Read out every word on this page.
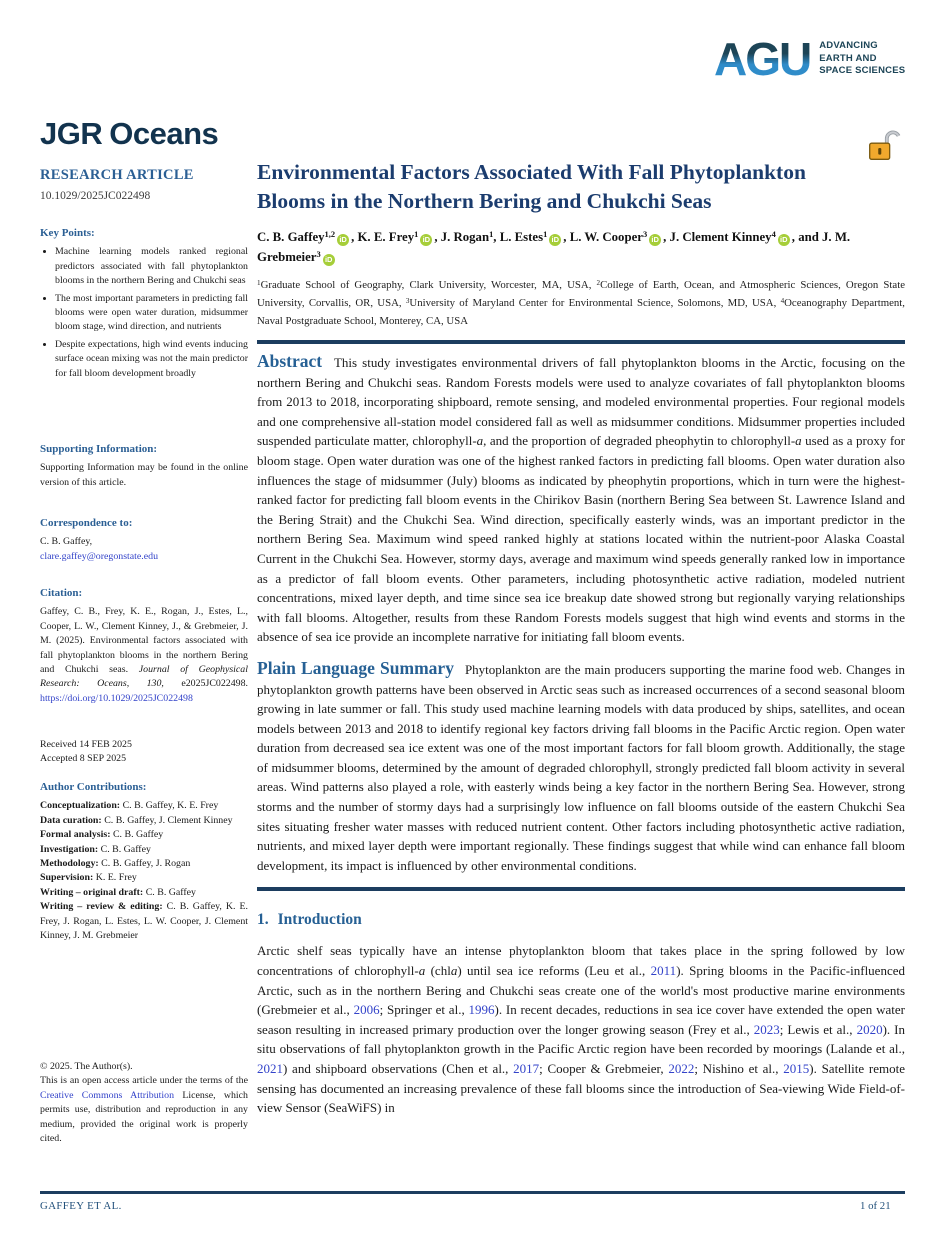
AGU ADVANCING
EARTH AND
SPACE SCIENCES
JGR Oceans
RESEARCH ARTICLE
10.1029/2025JC022498
Key Points:
• Machine learning models ranked regional predictors associated with fall phytoplankton blooms in the northern Bering and Chukchi seas
• The most important parameters in predicting fall blooms were open water duration, midsummer bloom stage, wind direction, and nutrients
• Despite expectations, high wind events inducing surface ocean mixing was not the main predictor for fall bloom development broadly
Supporting Information:
Supporting Information may be found in the online version of this article.
Correspondence to:
C. B. Gaffey,
clare.gaffey@oregonstate.edu
Citation:
Gaffey, C. B., Frey, K. E., Rogan, J., Estes, L., Cooper, L. W., Clement Kinney, J., & Grebmeier, J. M. (2025). Environmental factors associated with fall phytoplankton blooms in the northern Bering and Chukchi seas. Journal of Geophysical Research: Oceans, 130, e2025JC022498. https://doi.org/10.1029/2025JC022498
Received 14 FEB 2025
Accepted 8 SEP 2025
Author Contributions:
Conceptualization: C. B. Gaffey, K. E. Frey
Data curation: C. B. Gaffey, J. Clement Kinney
Formal analysis: C. B. Gaffey
Investigation: C. B. Gaffey
Methodology: C. B. Gaffey, J. Rogan
Supervision: K. E. Frey
Writing – original draft: C. B. Gaffey
Writing – review & editing: C. B. Gaffey, K. E. Frey, J. Rogan, L. Estes, L. W. Cooper, J. Clement Kinney, J. M. Grebmeier
© 2025. The Author(s).
This is an open access article under the terms of the Creative Commons Attribution License, which permits use, distribution and reproduction in any medium, provided the original work is properly cited.
Environmental Factors Associated With Fall Phytoplankton Blooms in the Northern Bering and Chukchi Seas

C. B. Gaffey$^{1,2}$iD , K. E. Frey$^1$iD , J. Rogan$^1$, L. Estes$^1$iD , L. W. Cooper$^3$iD , J. Clement Kinney$^4$iD , and J. M. Grebmeier$^3$iD

$^1$Graduate School of Geography, Clark University, Worcester, MA, USA, $^2$College of Earth, Ocean, and Atmospheric Sciences, Oregon State University, Corvallis, OR, USA, $^3$University of Maryland Center for Environmental Science, Solomons, MD, USA, $^4$Oceanography Department, Naval Postgraduate School, Monterey, CA, USA

Abstract This study investigates environmental drivers of fall phytoplankton blooms in the Arctic, focusing on the northern Bering and Chukchi seas. Random Forests models were used to analyze covariates of fall phytoplankton blooms from 2013 to 2018, incorporating shipboard, remote sensing, and modeled environmental properties. Four regional models and one comprehensive all-station model considered fall as well as midsummer conditions. Midsummer properties included suspended particulate matter, chlorophyll-a, and the proportion of degraded pheophytin to chlorophyll-a used as a proxy for bloom stage. Open water duration was one of the highest ranked factors in predicting fall blooms. Open water duration also influences the stage of midsummer (July) blooms as indicated by pheophytin proportions, which in turn were the highest-ranked factor for predicting fall bloom events in the Chirikov Basin (northern Bering Sea between St. Lawrence Island and the Bering Strait) and the Chukchi Sea. Wind direction, specifically easterly winds, was an important predictor in the northern Bering Sea. Maximum wind speed ranked highly at stations located within the nutrient-poor Alaska Coastal Current in the Chukchi Sea. However, stormy days, average and maximum wind speeds generally ranked low in importance as a predictor of fall bloom events. Other parameters, including photosynthetic active radiation, modeled nutrient concentrations, mixed layer depth, and time since sea ice breakup date showed strong but regionally varying relationships with fall blooms. Altogether, results from these Random Forests models suggest that high wind events and storms in the absence of sea ice provide an incomplete narrative for initiating fall bloom events.

Plain Language Summary Phytoplankton are the main producers supporting the marine food web. Changes in phytoplankton growth patterns have been observed in Arctic seas such as increased occurrences of a second seasonal bloom growing in late summer or fall. This study used machine learning models with data produced by ships, satellites, and ocean models between 2013 and 2018 to identify regional key factors driving fall blooms in the Pacific Arctic region. Open water duration from decreased sea ice extent was one of the most important factors for fall bloom growth. Additionally, the stage of midsummer blooms, determined by the amount of degraded chlorophyll, strongly predicted fall bloom activity in several areas. Wind patterns also played a role, with easterly winds being a key factor in the northern Bering Sea. However, strong storms and the number of stormy days had a surprisingly low influence on fall blooms outside of the eastern Chukchi Sea sites situating fresher water masses with reduced nutrient content. Other factors including photosynthetic active radiation, nutrients, and mixed layer depth were important regionally. These findings suggest that while wind can enhance fall bloom development, its impact is influenced by other environmental conditions.

1. Introduction

Arctic shelf seas typically have an intense phytoplankton bloom that takes place in the spring followed by low concentrations of chlorophyll-a (chla) until sea ice reforms (Leu et al., 2011). Spring blooms in the Pacific-influenced Arctic, such as in the northern Bering and Chukchi seas create one of the world's most productive marine environments (Grebmeier et al., 2006; Springer et al., 1996). In recent decades, reductions in sea ice cover have extended the open water season resulting in increased primary production over the longer growing season (Frey et al., 2023; Lewis et al., 2020). In situ observations of fall phytoplankton growth in the Pacific Arctic region have been recorded by moorings (Lalande et al., 2021) and shipboard observations (Chen et al., 2017; Cooper & Grebmeier, 2022; Nishino et al., 2015). Satellite remote sensing has documented an increasing prevalence of these fall blooms since the introduction of Sea-viewing Wide Field-of-view Sensor (SeaWiFS) in

GAFFEY ET AL.	1 of 21
